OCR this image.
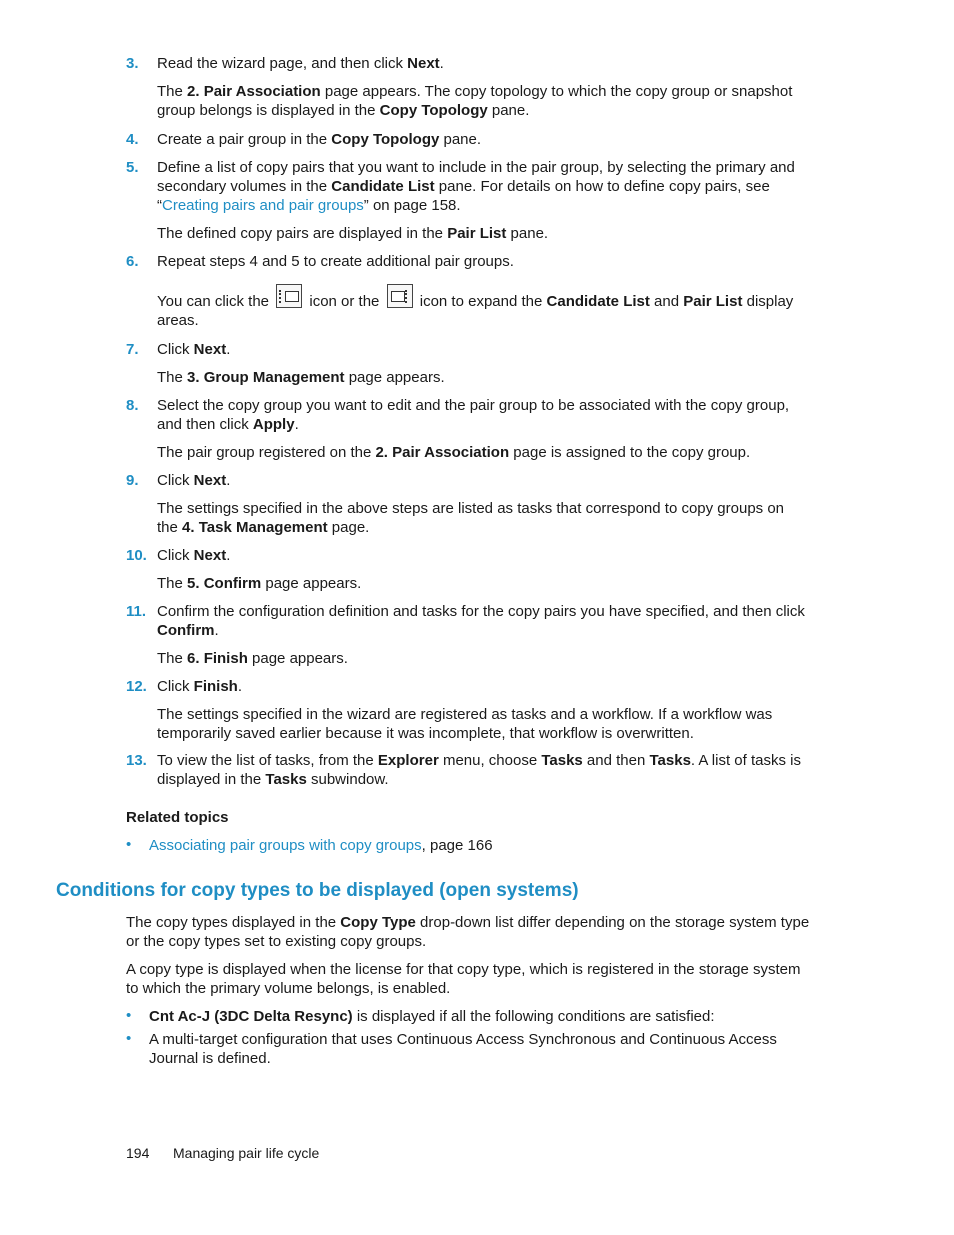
3.	Read the wizard page, and then click Next.

The 2. Pair Association page appears. The copy topology to which the copy group or snapshot group belongs is displayed in the Copy Topology pane.

4.	Create a pair group in the Copy Topology pane.

5.	Define a list of copy pairs that you want to include in the pair group, by selecting the primary and secondary volumes in the Candidate List pane. For details on how to define copy pairs, see “Creating pairs and pair groups” on page 158.

The defined copy pairs are displayed in the Pair List pane.

6.	Repeat steps 4 and 5 to create additional pair groups.

You can click the
icon or the
icon to expand the Candidate List and Pair List display areas.

7.	Click Next.

The 3. Group Management page appears.

8.	Select the copy group you want to edit and the pair group to be associated with the copy group, and then click Apply.

The pair group registered on the 2. Pair Association page is assigned to the copy group.

9.	Click Next.

The settings specified in the above steps are listed as tasks that correspond to copy groups on the 4. Task Management page.

10. Click Next.

The 5. Confirm page appears.

11. Confirm the configuration definition and tasks for the copy pairs you have specified, and then click Confirm.

The 6. Finish page appears.

12. Click Finish.

The settings specified in the wizard are registered as tasks and a workflow. If a workflow was temporarily saved earlier because it was incomplete, that workflow is overwritten.

13. To view the list of tasks, from the Explorer menu, choose Tasks and then Tasks. A list of tasks is displayed in the Tasks subwindow.

Related topics

• Associating pair groups with copy groups, page 166

Conditions for copy types to be displayed (open systems)

The copy types displayed in the Copy Type drop-down list differ depending on the storage system type or the copy types set to existing copy groups.

A copy type is displayed when the license for that copy type, which is registered in the storage system to which the primary volume belongs, is enabled.

• Cnt Ac-J (3DC Delta Resync) is displayed if all the following conditions are satisfied:

• A multi-target configuration that uses Continuous Access Synchronous and Continuous Access Journal is defined.

194 Managing pair life cycle
